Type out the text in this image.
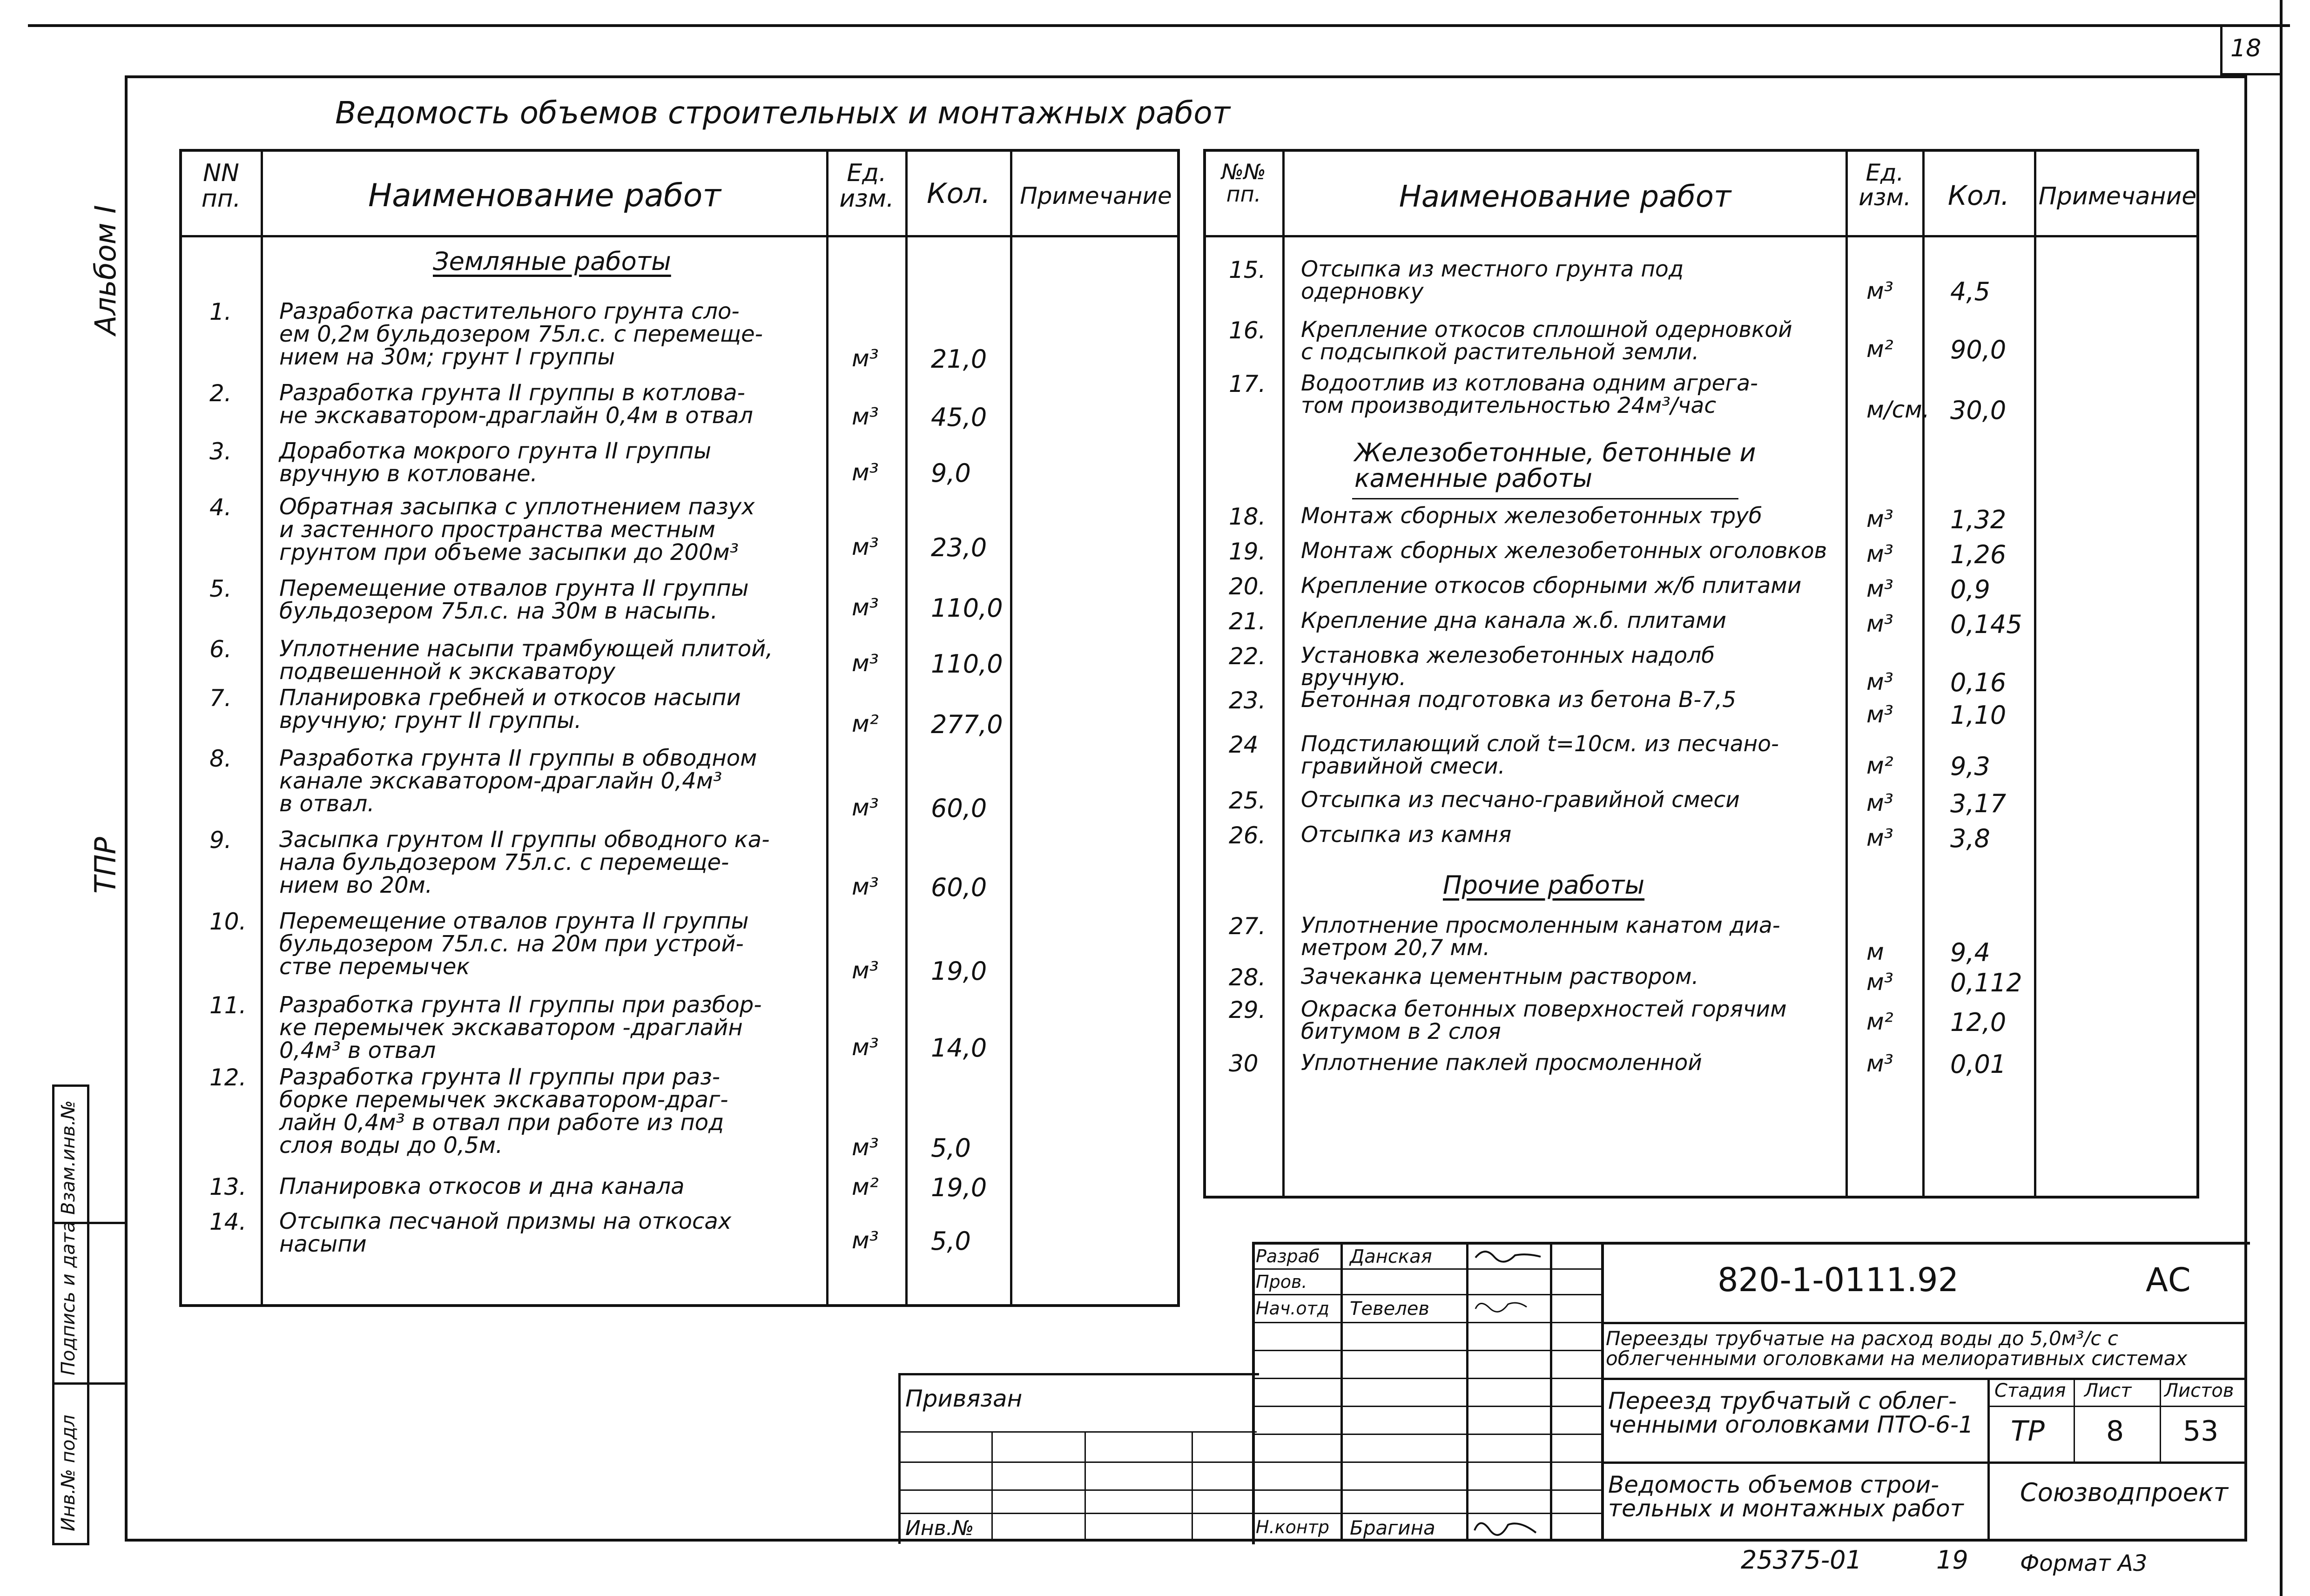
18
Ведомость объемов строительных и монтажных работ
Альбом I
ТПР
Взам.инв.№
Подпись и дата
Инв.№ подл
NN
пп.	Наименование работ
Ед.
изм.	Кол.	Примечание
Земляные работы
1. Разработка растительного грунта сло-
ем 0,2м бульдозером 75л.с. с перемеще-
нием на 30м; грунт I группы	м³ 21,0
2. Разработка грунта II группы в котлова-
не экскаватором-драглайн 0,4м в отвал	м³ 45,0
3. Доработка мокрого грунта II группы
вручную в котловане.	м³ 9,0
4. Обратная засыпка с уплотнением пазух
и застенного пространства местным
грунтом при объеме засыпки до 200м³	м³ 23,0
5. Перемещение отвалов грунта II группы
бульдозером 75л.с. на 30м в насыпь.	м³ 110,0
6. Уплотнение насыпи трамбующей плитой,
подвешенной к экскаватору	м³ 110,0
7. Планировка гребней и откосов насыпи
вручную; грунт II группы.	м² 277,0
8. Разработка грунта II группы в обводном
канале экскаватором-драглайн 0,4м³
в отвал.	м³ 60,0
9. Засыпка грунтом II группы обводного ка-
нала бульдозером 75л.с. с перемеще-
нием во 20м.	м³ 60,0
10. Перемещение отвалов грунта II группы
бульдозером 75л.с. на 20м при устрой-
стве перемычек	м³ 19,0
11. Разработка грунта II группы при разбор-
ке перемычек экскаватором -драглайн
0,4м³ в отвал	м³ 14,0
12. Разработка грунта II группы при раз-
борке перемычек экскаватором-драг-
лайн 0,4м³ в отвал при работе из под
слоя воды до 0,5м.	м³ 5,0
13. Планировка откосов и дна канала	м² 19,0
14. Отсыпка песчаной призмы на откосах
насыпи	м³ 5,0
№№
пп.	Наименование работ
Ед.
изм.	Кол.	Примечание
Железобетонные, бетонные и
каменные работы
Прочие работы
15. Отсыпка из местного грунта под
одерновку	м³ 4,5
16. Крепление откосов сплошной одерновкой
с подсыпкой растительной земли.	м² 90,0
17. Водоотлив из котлована одним агрега-
том производительностью 24м³/час	м/см. 30,0
18. Монтаж сборных железобетонных труб	м³ 1,32
19. Монтаж сборных железобетонных оголовков м³ 1,26
20. Крепление откосов сборными ж/б плитами	м³ 0,9
21. Крепление дна канала ж.б. плитами	м³ 0,145
22. Установка железобетонных надолб
вручную.	м³ 0,16
23. Бетонная подготовка из бетона В-7,5
м³ 1,10
24 Подстилающий слой t=10см. из песчано-
гравийной смеси.	м² 9,3
25. Отсыпка из песчано-гравийной смеси	м³ 3,17
26. Отсыпка из камня	м³ 3,8
27. Уплотнение просмоленным канатом диа-
метром 20,7 мм.	м	9,4
28. Зачеканка цементным раствором.	м³ 0,112
29. Окраска бетонных поверхностей горячим
битумом в 2 слоя	м² 12,0
30 Уплотнение паклей просмоленной	м³ 0,01
Привязан
Инв.№
Разраб Данская
Пров.
Нач.отд Тевелев
Н.контр Брагина
820-1-0111.92	АС
Переезды трубчатые на расход воды до 5,0м³/с с
облегченными оголовками на мелиоративных системах
Переезд трубчатый с облег-
ченными оголовками ПТО-6-1
Стадия Лист Листов
ТР 8 53
Ведомость объемов строи-
тельных и монтажных работ
Союзводпроект
25375-01	19 Формат А3
